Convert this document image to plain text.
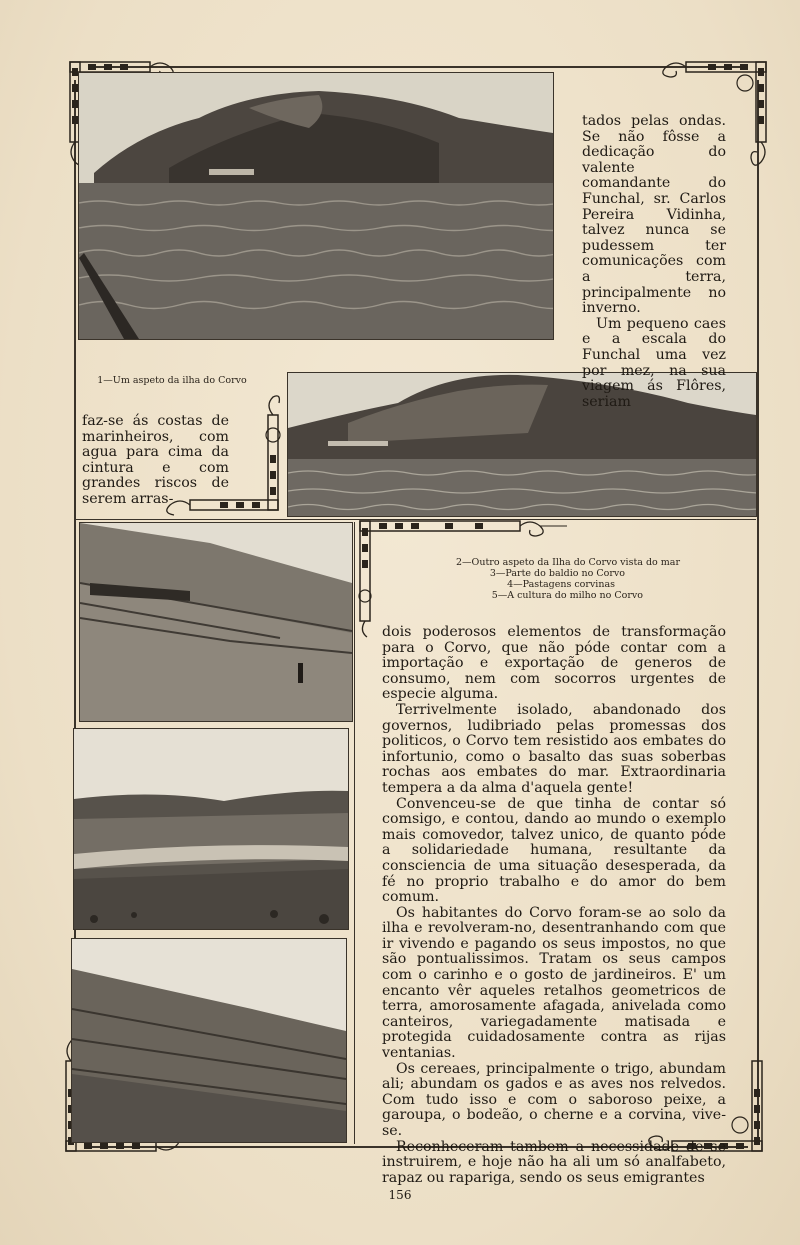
tados pelas ondas. Se não fôsse a dedicação do valente comandante do Funchal, sr. Carlos Pereira Vidinha, talvez nunca se pudessem ter comunicações com a terra, principalmente no inverno.

Um pequeno caes e a escala do Funchal uma vez por mez, na sua viagem ás Flôres, seriam

1—Um aspeto da ilha do Corvo

faz-se ás costas de marinheiros, com agua para cima da cintura e com grandes riscos de serem arras-

2—Outro aspeto da Ilha do Corvo vista do mar
3—Parte do baldio no Corvo
4—Pastagens corvinas
5—A cultura do milho no Corvo

dois poderosos elementos de transformação para o Corvo, que não póde contar com a importação e exportação de generos de consumo, nem com socorros urgentes de especie alguma.

Terrivelmente isolado, abandonado dos governos, ludibriado pelas promessas dos politicos, o Corvo tem resistido aos embates do infortunio, como o basalto das suas soberbas rochas aos embates do mar. Extraordinaria tempera a da alma d'aquela gente!

Convenceu-se de que tinha de contar só comsigo, e contou, dando ao mundo o exemplo mais comovedor, talvez unico, de quanto póde a solidariedade humana, resultante da consciencia de uma situação desesperada, da fé no proprio trabalho e do amor do bem comum.

Os habitantes do Corvo foram-se ao solo da ilha e revolveram-no, desentranhando com que ir vivendo e pagando os seus impostos, no que são pontualissimos. Tratam os seus campos com o carinho e o gosto de jardineiros. E' um encanto vêr aqueles retalhos geometricos de terra, amorosamente afagada, anivelada como canteiros, variegadamente matisada e protegida cuidadosamente contra as rijas ventanias.

Os cereaes, principalmente o trigo, abundam ali; abundam os gados e as aves nos relvedos. Com tudo isso e com o saboroso peixe, a garoupa, o bodeão, o cherne e a corvina, vive-se.

Reconheceram tambem a necessidade de se instruirem, e hoje não ha ali um só analfabeto, rapaz ou rapariga, sendo os seus emigrantes

156
